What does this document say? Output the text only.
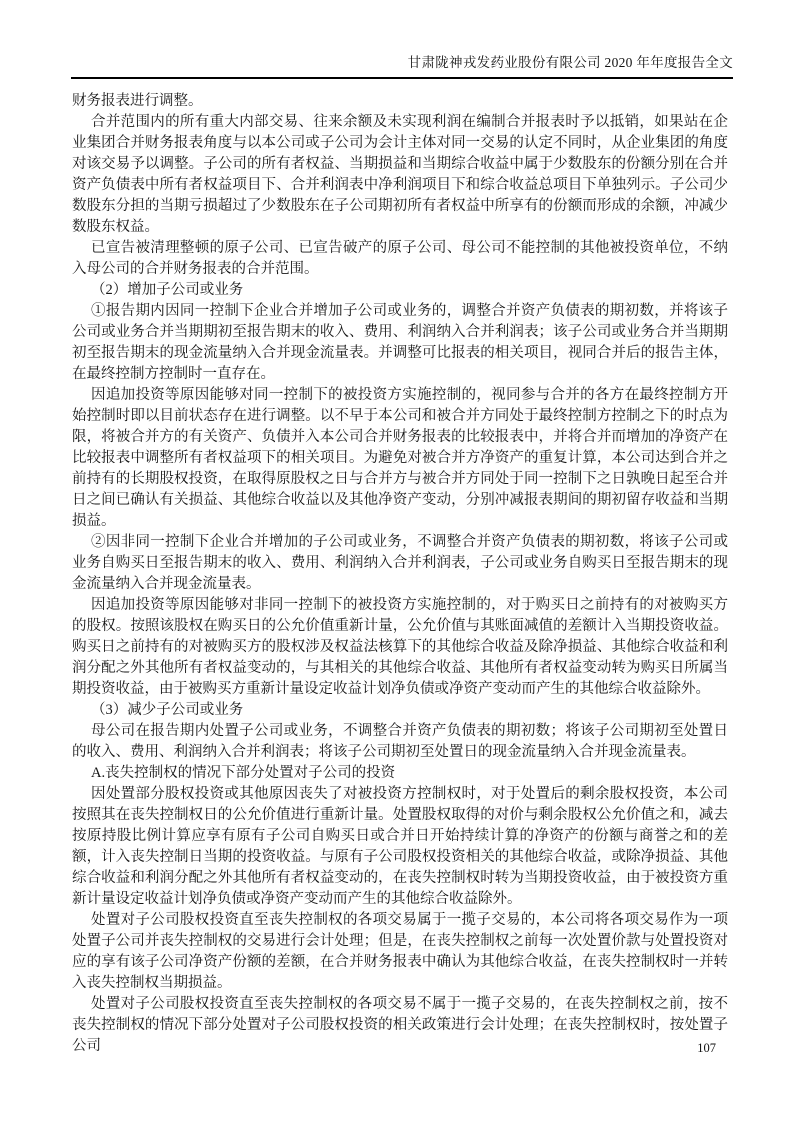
甘肃陇神戎发药业股份有限公司 2020 年年度报告全文

财务报表进行调整。

合并范围内的所有重大内部交易、往来余额及未实现利润在编制合并报表时予以抵销，如果站在企业集团合并财务报表角度与以本公司或子公司为会计主体对同一交易的认定不同时，从企业集团的角度对该交易予以调整。子公司的所有者权益、当期损益和当期综合收益中属于少数股东的份额分别在合并资产负债表中所有者权益项目下、合并利润表中净利润项目下和综合收益总项目下单独列示。子公司少数股东分担的当期亏损超过了少数股东在子公司期初所有者权益中所享有的份额而形成的余额，冲减少数股东权益。

已宣告被清理整顿的原子公司、已宣告破产的原子公司、母公司不能控制的其他被投资单位，不纳入母公司的合并财务报表的合并范围。

（2）增加子公司或业务

①报告期内因同一控制下企业合并增加子公司或业务的，调整合并资产负债表的期初数，并将该子公司或业务合并当期期初至报告期末的收入、费用、利润纳入合并利润表；该子公司或业务合并当期期初至报告期末的现金流量纳入合并现金流量表。并调整可比报表的相关项目，视同合并后的报告主体，在最终控制方控制时一直存在。

因追加投资等原因能够对同一控制下的被投资方实施控制的，视同参与合并的各方在最终控制方开始控制时即以目前状态存在进行调整。以不早于本公司和被合并方同处于最终控制方控制之下的时点为限，将被合并方的有关资产、负债并入本公司合并财务报表的比较报表中，并将合并而增加的净资产在比较报表中调整所有者权益项下的相关项目。为避免对被合并方净资产的重复计算，本公司达到合并之前持有的长期股权投资，在取得原股权之日与合并方与被合并方同处于同一控制下之日孰晚日起至合并日之间已确认有关损益、其他综合收益以及其他净资产变动，分别冲减报表期间的期初留存收益和当期损益。

②因非同一控制下企业合并增加的子公司或业务，不调整合并资产负债表的期初数，将该子公司或业务自购买日至报告期末的收入、费用、利润纳入合并利润表，子公司或业务自购买日至报告期末的现金流量纳入合并现金流量表。

因追加投资等原因能够对非同一控制下的被投资方实施控制的，对于购买日之前持有的对被购买方的股权。按照该股权在购买日的公允价值重新计量，公允价值与其账面减值的差额计入当期投资收益。购买日之前持有的对被购买方的股权涉及权益法核算下的其他综合收益及除净损益、其他综合收益和利润分配之外其他所有者权益变动的，与其相关的其他综合收益、其他所有者权益变动转为购买日所属当期投资收益，由于被购买方重新计量设定收益计划净负债或净资产变动而产生的其他综合收益除外。

（3）减少子公司或业务

母公司在报告期内处置子公司或业务，不调整合并资产负债表的期初数；将该子公司期初至处置日的收入、费用、利润纳入合并利润表；将该子公司期初至处置日的现金流量纳入合并现金流量表。

A.丧失控制权的情况下部分处置对子公司的投资

因处置部分股权投资或其他原因丧失了对被投资方控制权时，对于处置后的剩余股权投资，本公司按照其在丧失控制权日的公允价值进行重新计量。处置股权取得的对价与剩余股权公允价值之和，减去按原持股比例计算应享有原有子公司自购买日或合并日开始持续计算的净资产的份额与商誉之和的差额，计入丧失控制日当期的投资收益。与原有子公司股权投资相关的其他综合收益，或除净损益、其他综合收益和利润分配之外其他所有者权益变动的，在丧失控制权时转为当期投资收益，由于被投资方重新计量设定收益计划净负债或净资产变动而产生的其他综合收益除外。

处置对子公司股权投资直至丧失控制权的各项交易属于一揽子交易的，本公司将各项交易作为一项处置子公司并丧失控制权的交易进行会计处理；但是，在丧失控制权之前每一次处置价款与处置投资对应的享有该子公司净资产份额的差额，在合并财务报表中确认为其他综合收益，在丧失控制权时一并转入丧失控制权当期损益。

处置对子公司股权投资直至丧失控制权的各项交易不属于一揽子交易的，在丧失控制权之前，按不丧失控制权的情况下部分处置对子公司股权投资的相关政策进行会计处理；在丧失控制权时，按处置子公司	107
